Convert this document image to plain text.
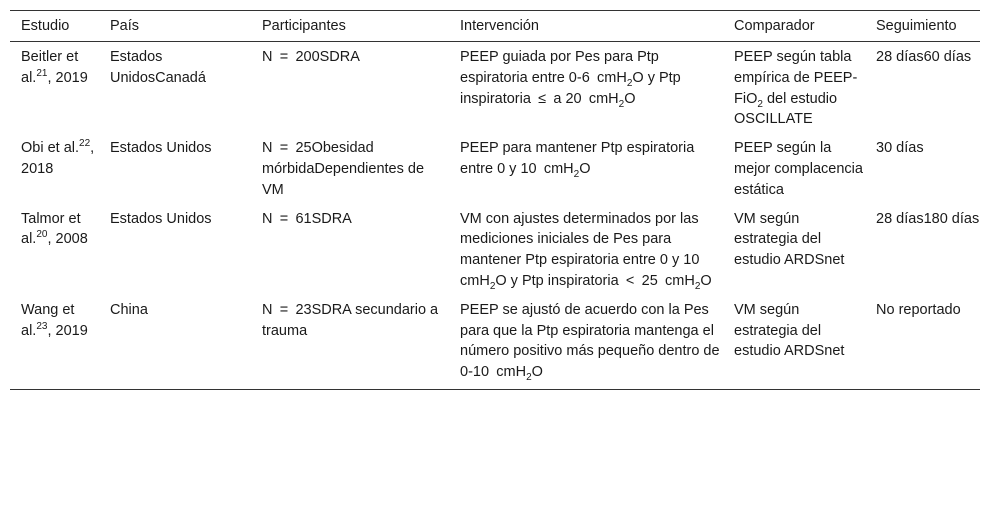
Estudio	País	Participantes	Intervención	Comparador	Seguimiento
Beitler et al.$^{21}$, 2019	Estados UnidosCanadá	N = 200SDRA	PEEP guiada por Pes para Ptp espiratoria entre 0-6 cmH$_2$O y Ptp inspiratoria ≤ a 20 cmH$_2$O	PEEP según tabla empírica de PEEP-FiO$_2$ del estudio OSCILLATE	28 días60 días
Obi et al.$^{22}$, 2018	Estados Unidos	N = 25Obesidad mórbidaDependientes de VM	PEEP para mantener Ptp espiratoria entre 0 y 10 cmH$_2$O	PEEP según la mejor complacencia estática	30 días
Talmor et al.$^{20}$, 2008	Estados Unidos	N = 61SDRA	VM con ajustes determinados por las mediciones iniciales de Pes para mantener Ptp espiratoria entre 0 y 10 cmH$_2$O y Ptp inspiratoria < 25 cmH$_2$O	VM según estrategia del estudio ARDSnet	28 días180 días
Wang et al.$^{23}$, 2019	China	N = 23SDRA secundario a trauma	PEEP se ajustó de acuerdo con la Pes para que la Ptp espiratoria mantenga el número positivo más pequeño dentro de 0-10 cmH$_2$O	VM según estrategia del estudio ARDSnet	No reportado
